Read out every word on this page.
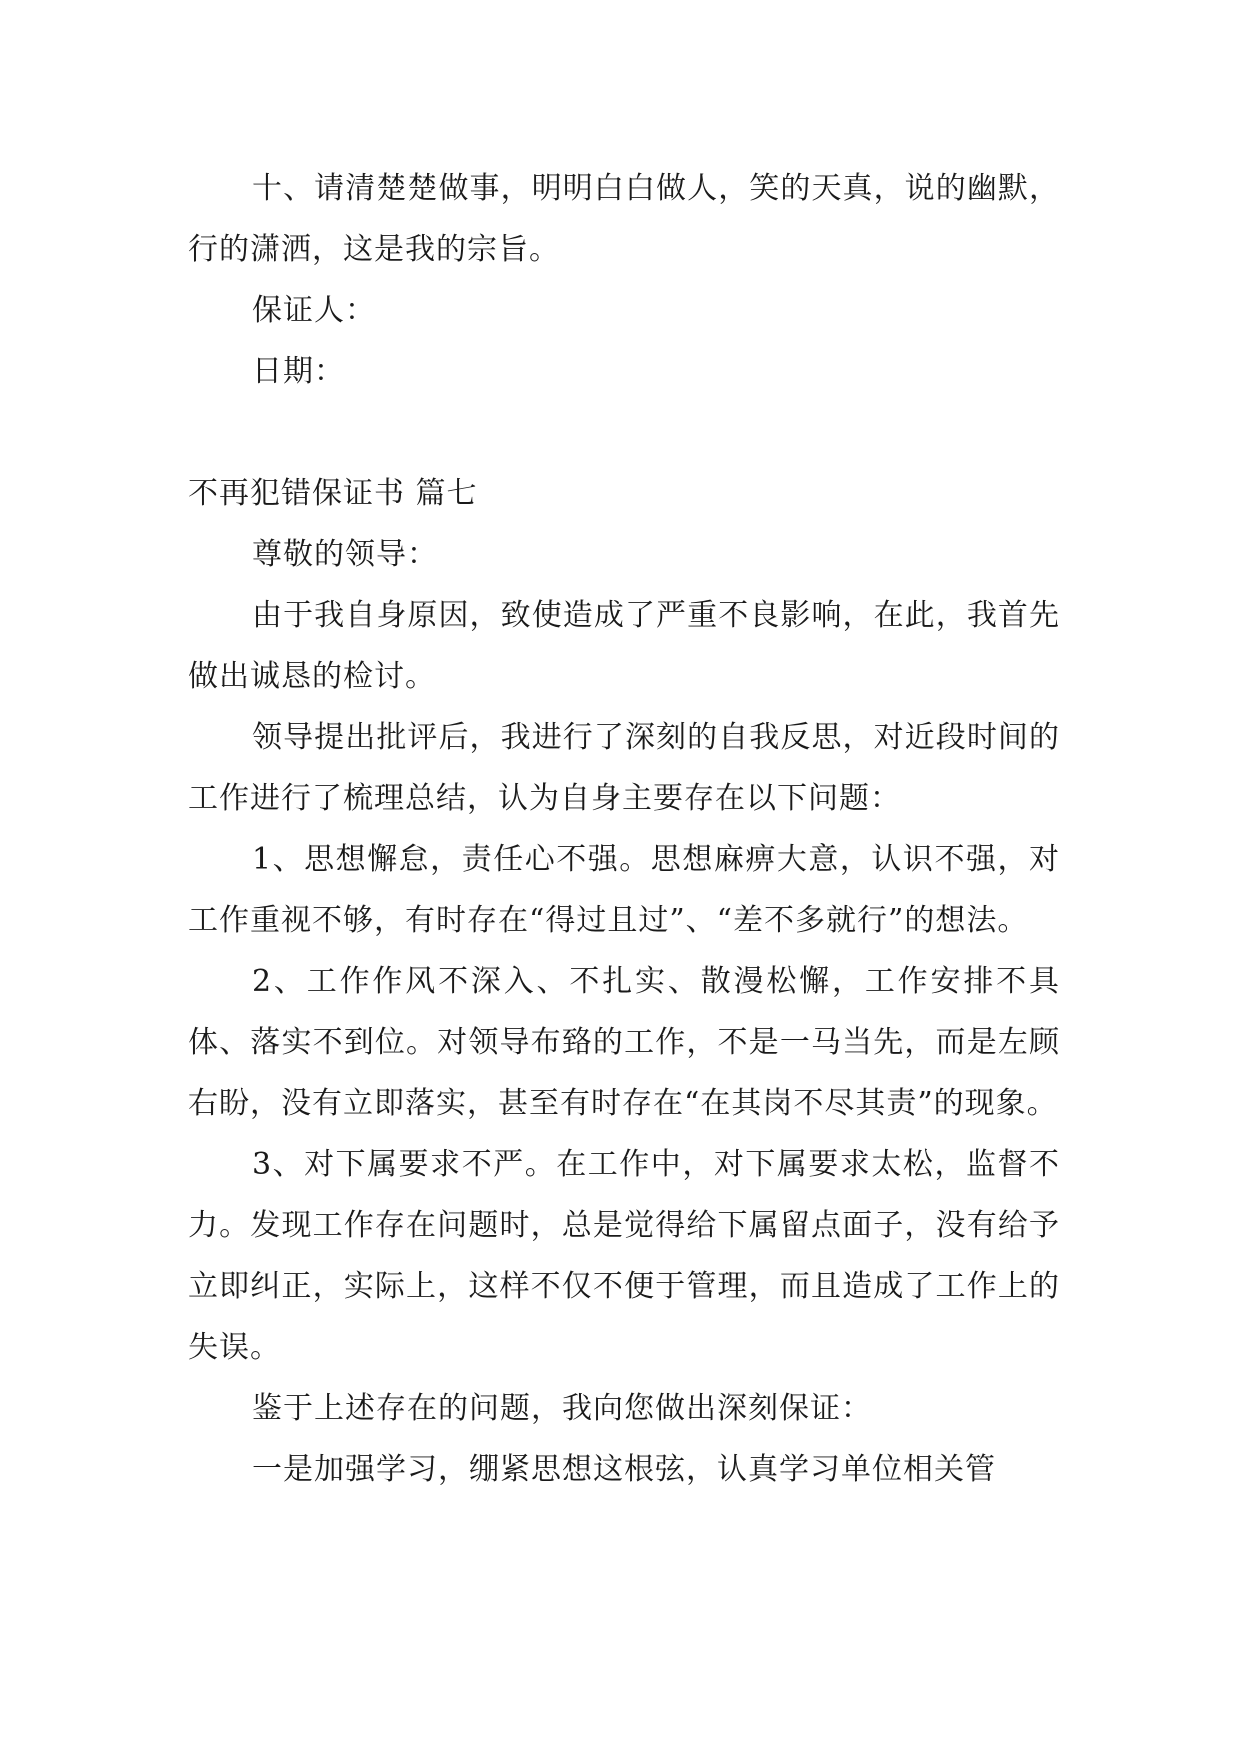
十、请清楚楚做事，明明白白做人，笑的天真，说的幽默，行的潇洒，这是我的宗旨。

保证人：

日期：

不再犯错保证书 篇七

尊敬的领导：

由于我自身原因，致使造成了严重不良影响，在此，我首先做出诚恳的检讨。

领导提出批评后，我进行了深刻的自我反思，对近段时间的工作进行了梳理总结，认为自身主要存在以下问题：

1、思想懈怠，责任心不强。思想麻痹大意，认识不强，对工作重视不够，有时存在“得过且过”、“差不多就行”的想法。

2、工作作风不深入、不扎实、散漫松懈，工作安排不具体、落实不到位。对领导布臵的工作，不是一马当先，而是左顾右盼，没有立即落实，甚至有时存在“在其岗不尽其责”的现象。

3、对下属要求不严。在工作中，对下属要求太松，监督不力。发现工作存在问题时，总是觉得给下属留点面子，没有给予立即纠正，实际上，这样不仅不便于管理，而且造成了工作上的失误。

鉴于上述存在的问题，我向您做出深刻保证：

一是加强学习，绷紧思想这根弦，认真学习单位相关管
